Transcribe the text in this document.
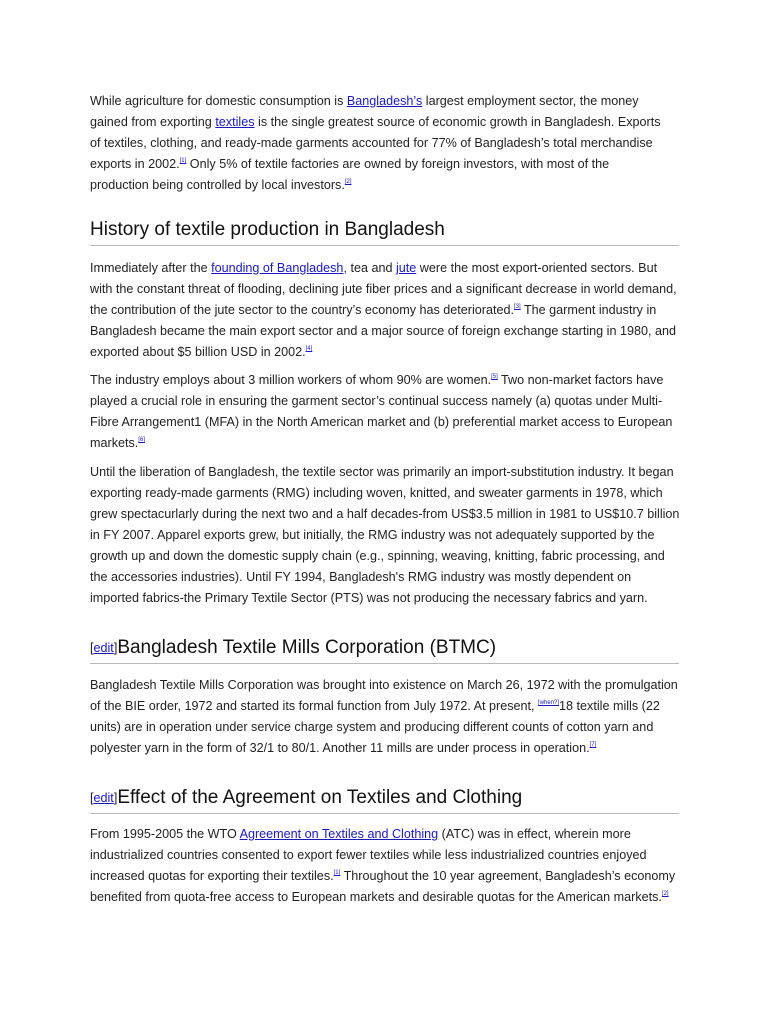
While agriculture for domestic consumption is Bangladesh’s largest employment sector, the money gained from exporting textiles is the single greatest source of economic growth in Bangladesh. Exports of textiles, clothing, and ready-made garments accounted for 77% of Bangladesh’s total merchandise exports in 2002.[1] Only 5% of textile factories are owned by foreign investors, with most of the production being controlled by local investors.[2]

History of textile production in Bangladesh

Immediately after the founding of Bangladesh, tea and jute were the most export-oriented sectors. But with the constant threat of flooding, declining jute fiber prices and a significant decrease in world demand, the contribution of the jute sector to the country’s economy has deteriorated.[3] The garment industry in Bangladesh became the main export sector and a major source of foreign exchange starting in 1980, and exported about $5 billion USD in 2002.[4]

The industry employs about 3 million workers of whom 90% are women.[5] Two non-market factors have played a crucial role in ensuring the garment sector’s continual success namely (a) quotas under Multi- Fibre Arrangement1 (MFA) in the North American market and (b) preferential market access to European markets.[6]

Until the liberation of Bangladesh, the textile sector was primarily an import-substitution industry. It began exporting ready-made garments (RMG) including woven, knitted, and sweater garments in 1978, which grew spectacurlarly during the next two and a half decades-from US$3.5 million in 1981 to US$10.7 billion in FY 2007. Apparel exports grew, but initially, the RMG industry was not adequately supported by the growth up and down the domestic supply chain (e.g., spinning, weaving, knitting, fabric processing, and the accessories industries). Until FY 1994, Bangladesh's RMG industry was mostly dependent on imported fabrics-the Primary Textile Sector (PTS) was not producing the necessary fabrics and yarn.

[edit]Bangladesh Textile Mills Corporation (BTMC)

Bangladesh Textile Mills Corporation was brought into existence on March 26, 1972 with the promulgation of the BIE order, 1972 and started its formal function from July 1972. At present, [when?]18 textile mills (22 units) are in operation under service charge system and producing different counts of cotton yarn and polyester yarn in the form of 32/1 to 80/1. Another 11 mills are under process in operation.[7]

[edit]Effect of the Agreement on Textiles and Clothing

From 1995-2005 the WTO Agreement on Textiles and Clothing (ATC) was in effect, wherein more industrialized countries consented to export fewer textiles while less industrialized countries enjoyed increased quotas for exporting their textiles.[1] Throughout the 10 year agreement, Bangladesh’s economy benefited from quota-free access to European markets and desirable quotas for the American markets.[2]
